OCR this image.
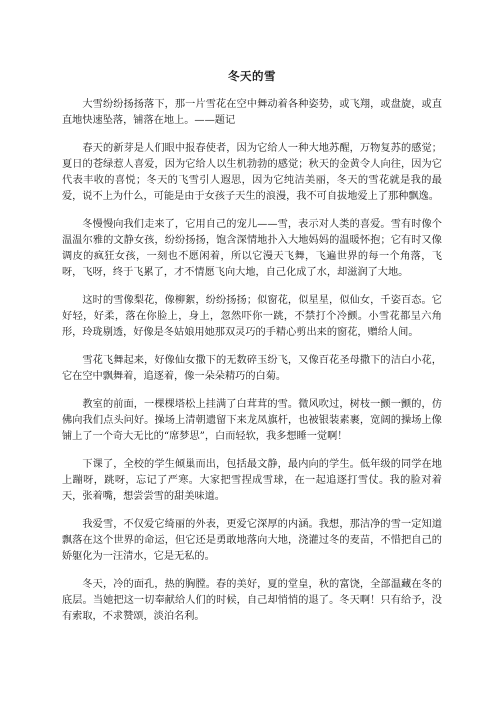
冬天的雪

大雪纷纷扬扬落下，那一片雪花在空中舞动着各种姿势，或飞翔，或盘旋，或直直地快速坠落，铺落在地上。——题记

春天的新芽是人们眼中报春使者，因为它给人一种大地苏醒，万物复苏的感觉；夏日的苍绿惹人喜爱，因为它给人以生机勃勃的感觉；秋天的金黄令人向往，因为它代表丰收的喜悦；冬天的飞雪引人遐思，因为它纯洁美丽，冬天的雪花就是我的最爱，说不上为什么，可能是由于女孩子天生的浪漫，我不可自拔地爱上了那种飘逸。

冬慢慢向我们走来了，它用自己的宠儿——雪，表示对人类的喜爱。雪有时像个温温尔雅的文静女孩，纷纷扬扬，饱含深情地扑入大地妈妈的温暖怀抱；它有时又像调皮的疯狂女孩，一刻也不愿闲着，所以它漫天飞舞，飞遍世界的每一个角落，飞呀，飞呀，终于飞累了，才不情愿飞向大地，自己化成了水，却滋润了大地。

这时的雪像梨花，像柳絮，纷纷扬扬；似窗花，似星星，似仙女，千姿百态。它好轻，好柔，落在你脸上，身上，忽然吓你一跳，不禁打个冷颤。小雪花都呈六角形，玲珑剔透，好像是冬姑娘用她那双灵巧的手精心剪出来的窗花，赠给人间。

雪花飞舞起来，好像仙女撒下的无数碎玉纷飞，又像百花圣母撒下的洁白小花，它在空中飘舞着，追逐着，像一朵朵精巧的白菊。

教室的前面，一棵棵塔松上挂满了白茸茸的雪。微风吹过，树枝一颤一颤的，仿佛向我们点头问好。操场上清朝遗留下来龙凤旗杆，也被银装素裹，宽阔的操场上像铺上了一个奇大无比的“席梦思”，白而轻软，我多想睡一觉啊！

下课了，全校的学生倾巢而出，包括最文静，最内向的学生。低年级的同学在地上蹦呀，跳呀，忘记了严寒。大家把雪捏成雪球，在一起追逐打雪仗。我的脸对着天，张着嘴，想尝尝雪的甜美味道。

我爱雪，不仅爱它绮丽的外表，更爱它深厚的内涵。我想，那洁净的雪一定知道飘落在这个世界的命运，但它还是勇敢地落向大地，浇灌过冬的麦苗，不惜把自己的娇躯化为一汪清水，它是无私的。

冬天，冷的面孔，热的胸膛。春的美好，夏的堂皇，秋的富饶，全部温藏在冬的底层。当她把这一切奉献给人们的时候，自己却悄悄的退了。冬天啊！只有给予，没有索取，不求赞颂，淡泊名利。
